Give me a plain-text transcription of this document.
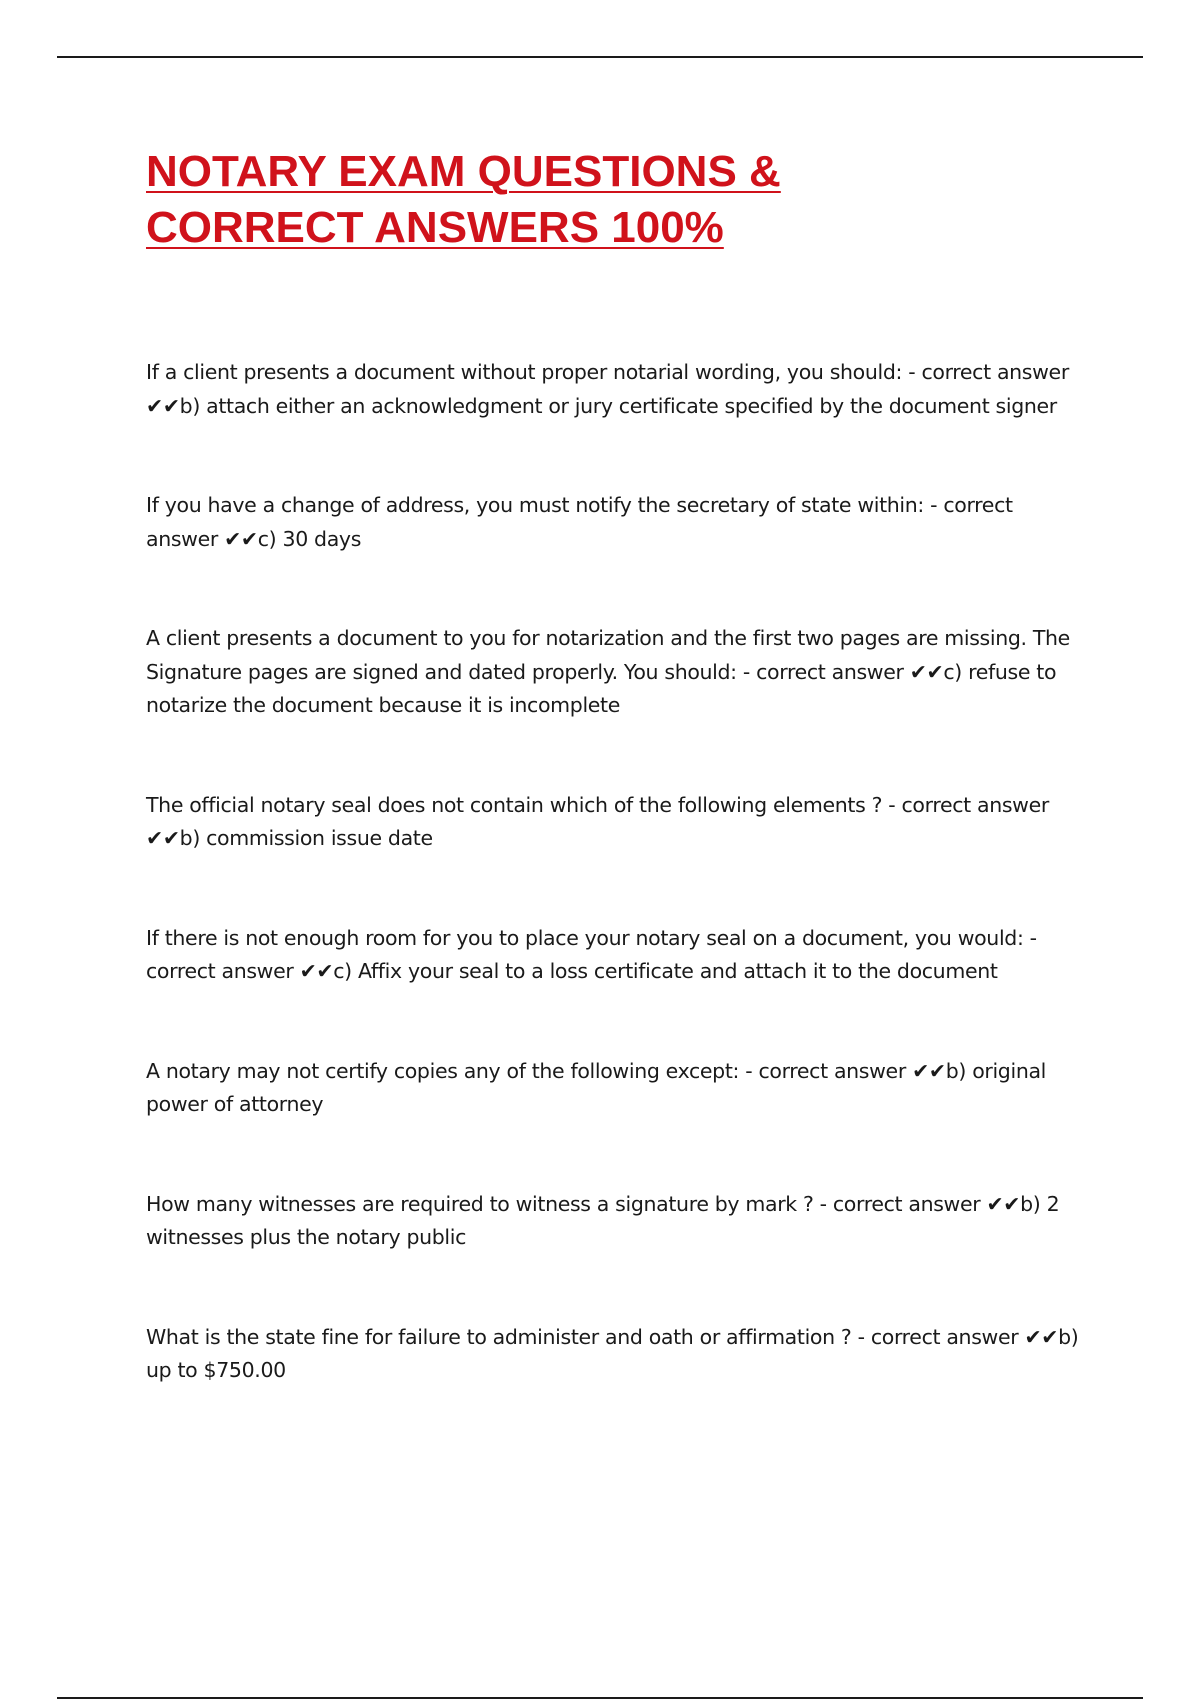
NOTARY EXAM QUESTIONS &
CORRECT ANSWERS 100%
If a client presents a document without proper notarial wording, you should: - correct answer ✔✔b) attach either an acknowledgment or jury certificate specified by the document signer
If you have a change of address, you must notify the secretary of state within: - correct answer ✔✔c) 30 days
A client presents a document to you for notarization and the first two pages are missing. The Signature pages are signed and dated properly. You should: - correct answer ✔✔c) refuse to notarize the document because it is incomplete
The official notary seal does not contain which of the following elements ? - correct answer ✔✔b) commission issue date
If there is not enough room for you to place your notary seal on a document, you would: - correct answer ✔✔c) Affix your seal to a loss certificate and attach it to the document
A notary may not certify copies any of the following except: - correct answer ✔✔b) original power of attorney
How many witnesses are required to witness a signature by mark ? - correct answer ✔✔b) 2 witnesses plus the notary public
What is the state fine for failure to administer and oath or affirmation ? - correct answer ✔✔b) up to $750.00
